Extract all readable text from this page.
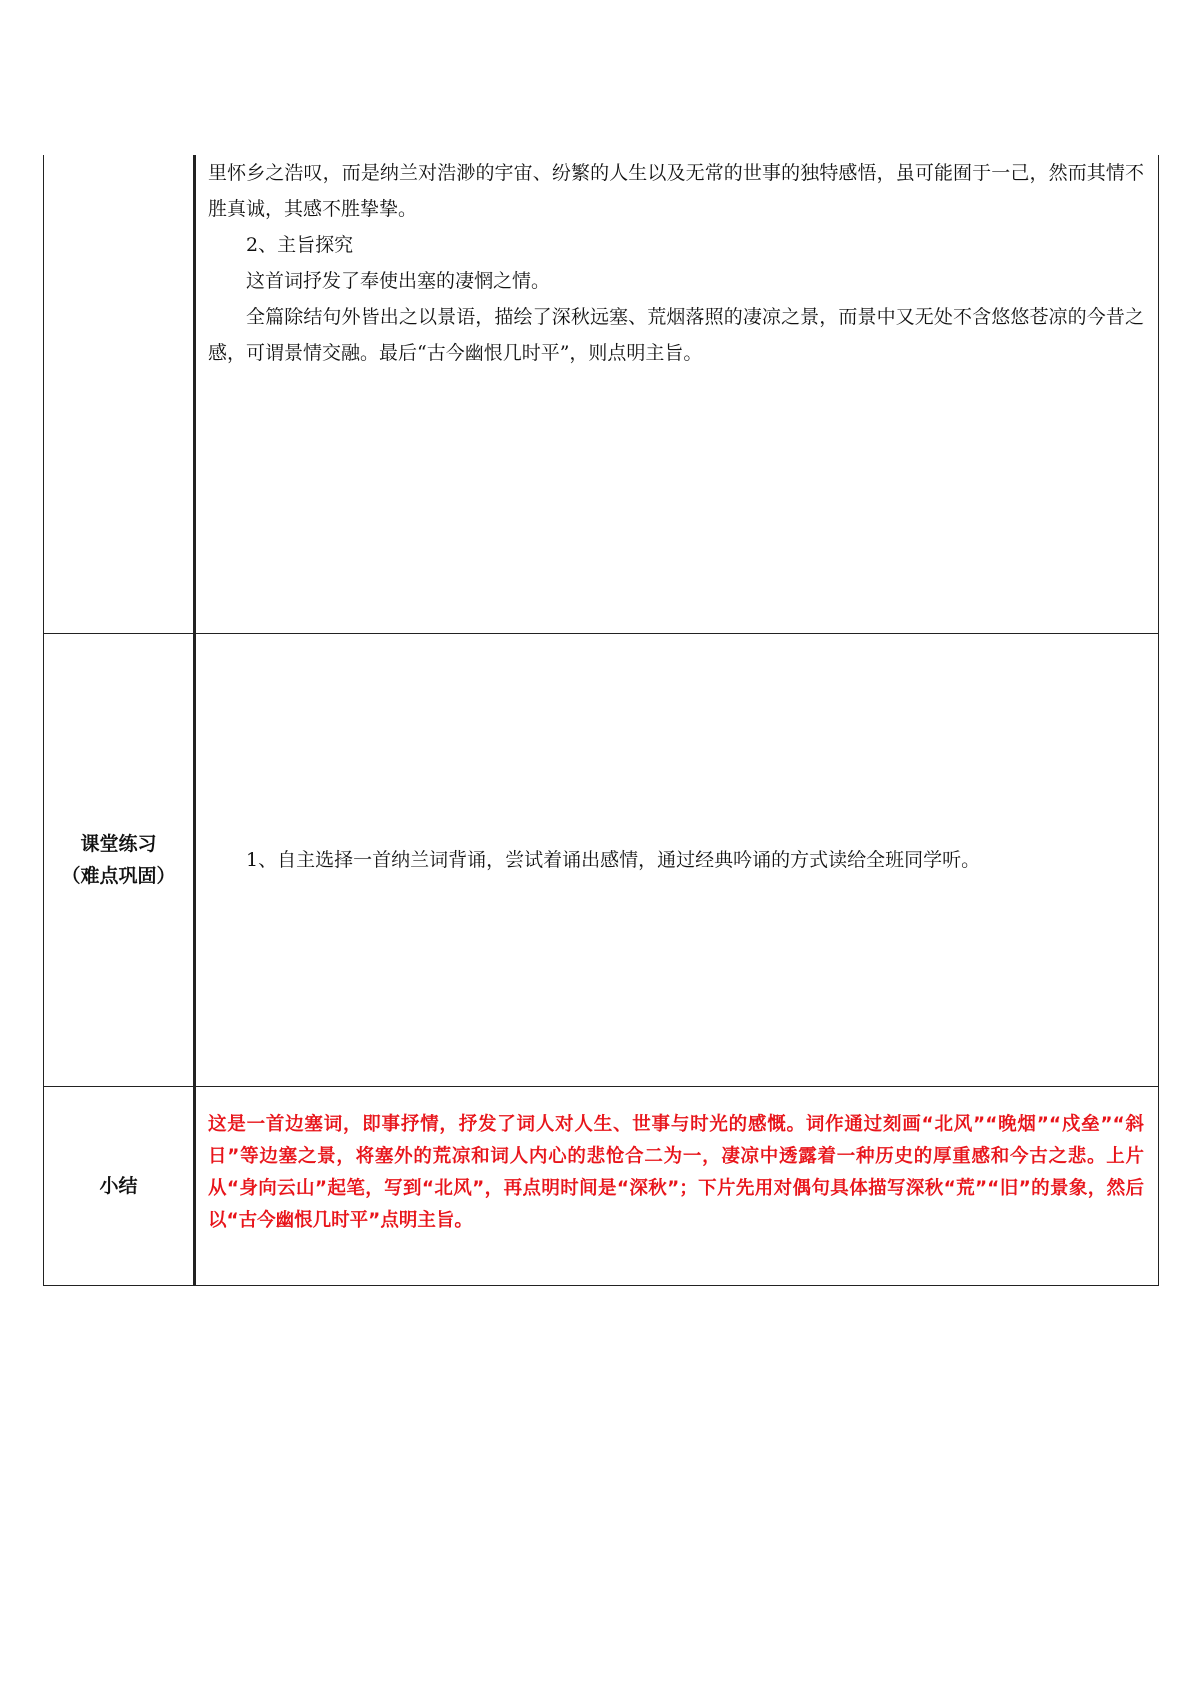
	里怀乡之浩叹，而是纳兰对浩渺的宇宙、纷繁的人生以及无常的世事的独特感悟，虽可能囿于一己，然而其情不胜真诚，其感不胜挚挚。

2、主旨探究

这首词抒发了奉使出塞的凄惘之情。

全篇除结句外皆出之以景语，描绘了深秋远塞、荒烟落照的凄凉之景，而景中又无处不含悠悠苍凉的今昔之感，可谓景情交融。最后“古今幽恨几时平”，则点明主旨。

课堂练习
（难点巩固）	1、自主选择一首纳兰词背诵，尝试着诵出感情，通过经典吟诵的方式读给全班同学听。

小结	这是一首边塞词，即事抒情，抒发了词人对人生、世事与时光的感慨。词作通过刻画“北风”“晚烟”“戍垒”“斜日”等边塞之景，将塞外的荒凉和词人内心的悲怆合二为一，凄凉中透露着一种历史的厚重感和今古之悲。上片从“身向云山”起笔，写到“北风”，再点明时间是“深秋”；下片先用对偶句具体描写深秋“荒”“旧”的景象，然后以“古今幽恨几时平”点明主旨。
